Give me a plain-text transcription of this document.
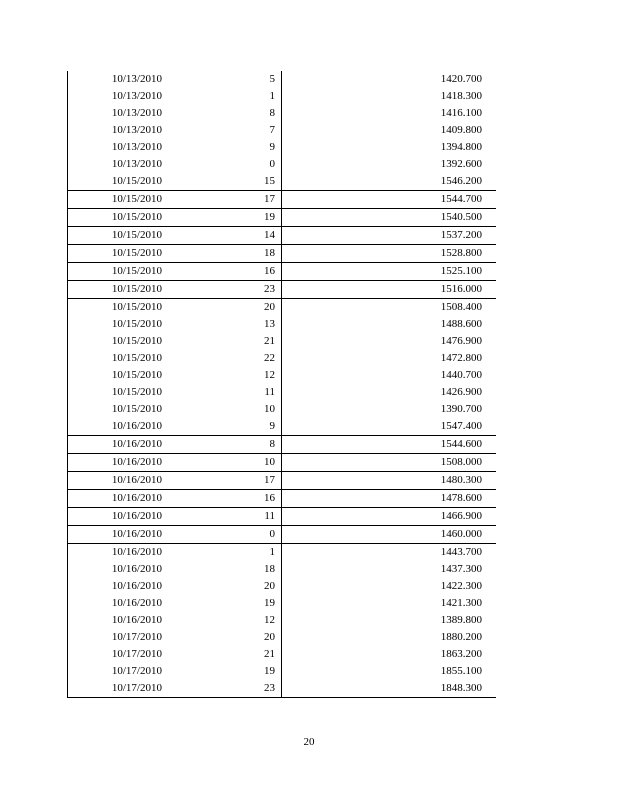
10/13/2010	5	1420.700
10/13/2010	1	1418.300
10/13/2010	8	1416.100
10/13/2010	7	1409.800
10/13/2010	9	1394.800
10/13/2010	0	1392.600
10/15/2010	15	1546.200
10/15/2010	17	1544.700
10/15/2010	19	1540.500
10/15/2010	14	1537.200
10/15/2010	18	1528.800
10/15/2010	16	1525.100
10/15/2010	23	1516.000
10/15/2010	20	1508.400
10/15/2010	13	1488.600
10/15/2010	21	1476.900
10/15/2010	22	1472.800
10/15/2010	12	1440.700
10/15/2010	11	1426.900
10/15/2010	10	1390.700
10/16/2010	9	1547.400
10/16/2010	8	1544.600
10/16/2010	10	1508.000
10/16/2010	17	1480.300
10/16/2010	16	1478.600
10/16/2010	11	1466.900
10/16/2010	0	1460.000
10/16/2010	1	1443.700
10/16/2010	18	1437.300
10/16/2010	20	1422.300
10/16/2010	19	1421.300
10/16/2010	12	1389.800
10/17/2010	20	1880.200
10/17/2010	21	1863.200
10/17/2010	19	1855.100
10/17/2010	23	1848.300
20
